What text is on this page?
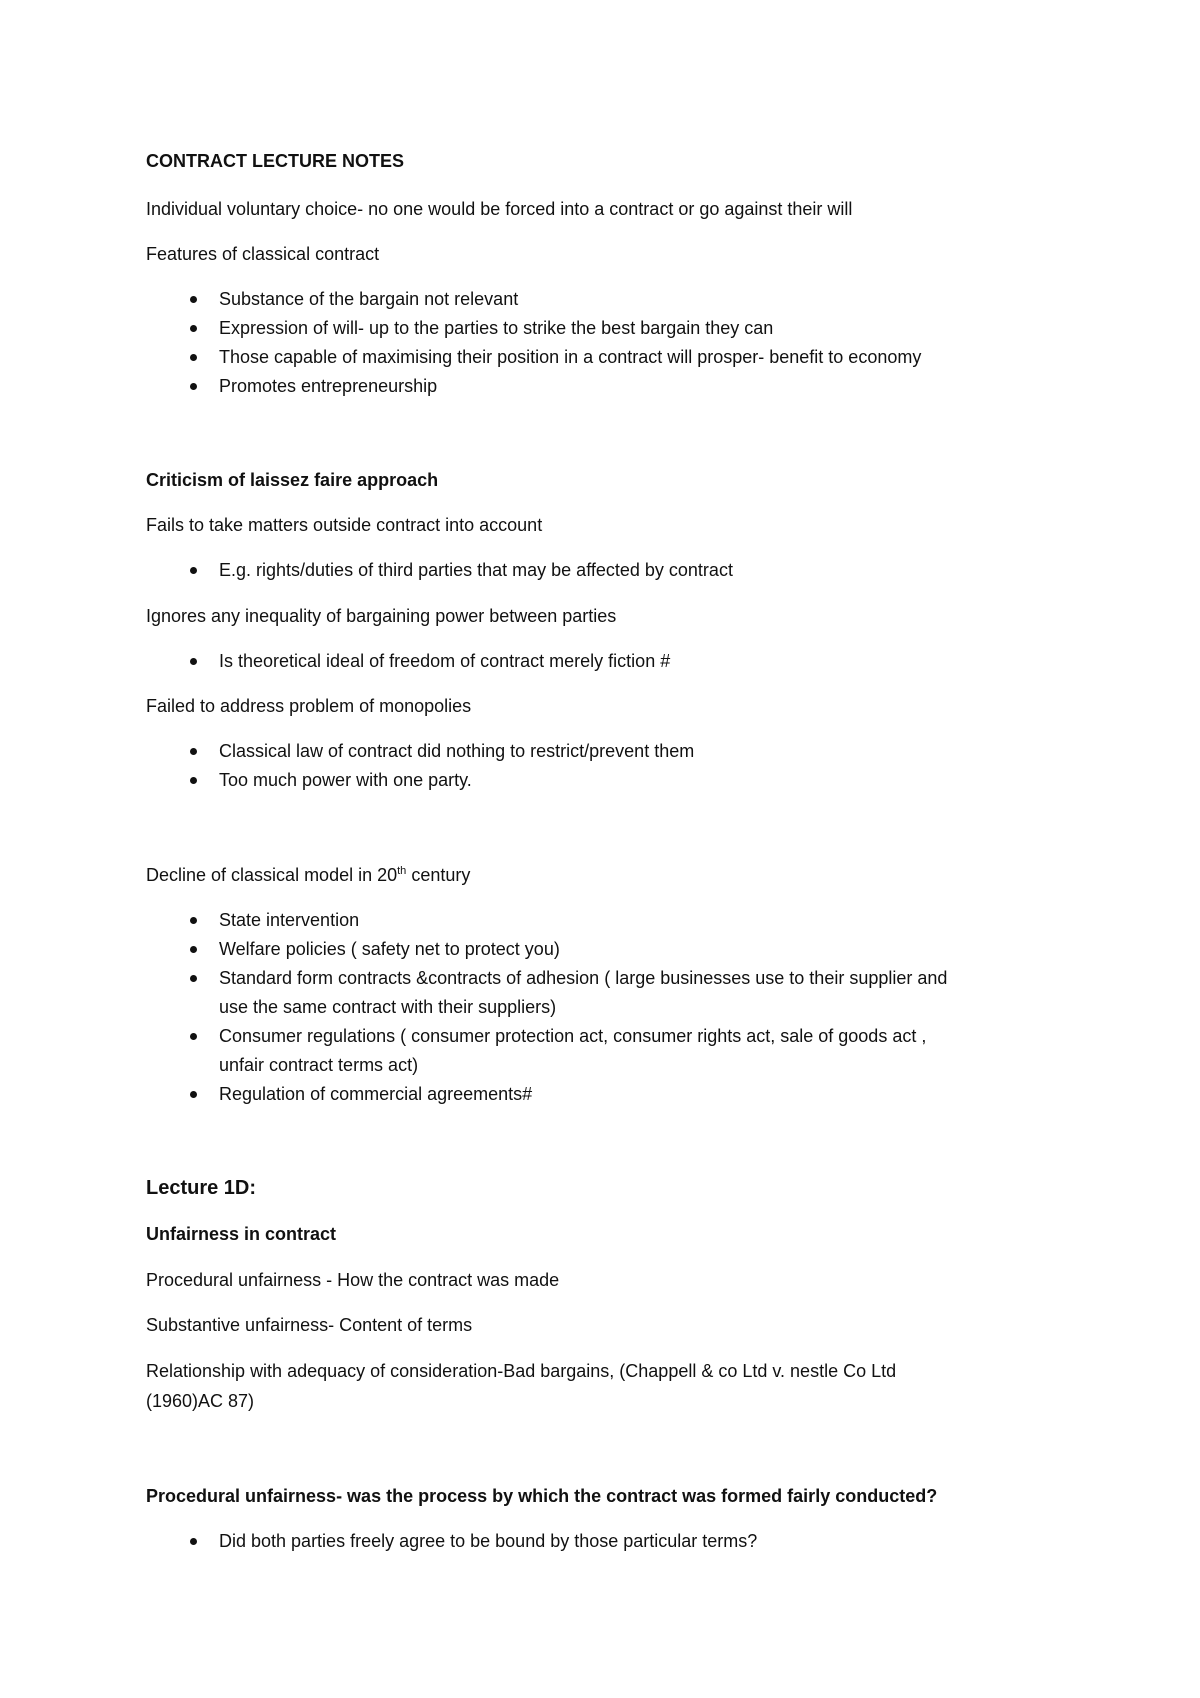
CONTRACT LECTURE NOTES

Individual voluntary choice- no one would be forced into a contract or go against their will

Features of classical contract

Substance of the bargain not relevant

Expression of will- up to the parties to strike the best bargain they can

Those capable of maximising their position in a contract will prosper- benefit to economy

Promotes entrepreneurship

Criticism of laissez faire approach

Fails to take matters outside contract into account

E.g. rights/duties of third parties that may be affected by contract

Ignores any inequality of bargaining power between parties

Is theoretical ideal of freedom of contract merely fiction #

Failed to address problem of monopolies

Classical law of contract did nothing to restrict/prevent them

Too much power with one party.

Decline of classical model in 20th century

State intervention

Welfare policies ( safety net to protect you)

Standard form contracts &contracts of adhesion ( large businesses use to their supplier and

use the same contract with their suppliers)

Consumer regulations ( consumer protection act, consumer rights act, sale of goods act ,

unfair contract terms act)

Regulation of commercial agreements#

Lecture 1D:

Unfairness in contract

Procedural unfairness - How the contract was made

Substantive unfairness- Content of terms

Relationship with adequacy of consideration-Bad bargains, (Chappell & co Ltd v. nestle Co Ltd

(1960)AC 87)

Procedural unfairness- was the process by which the contract was formed fairly conducted?

Did both parties freely agree to be bound by those particular terms?
